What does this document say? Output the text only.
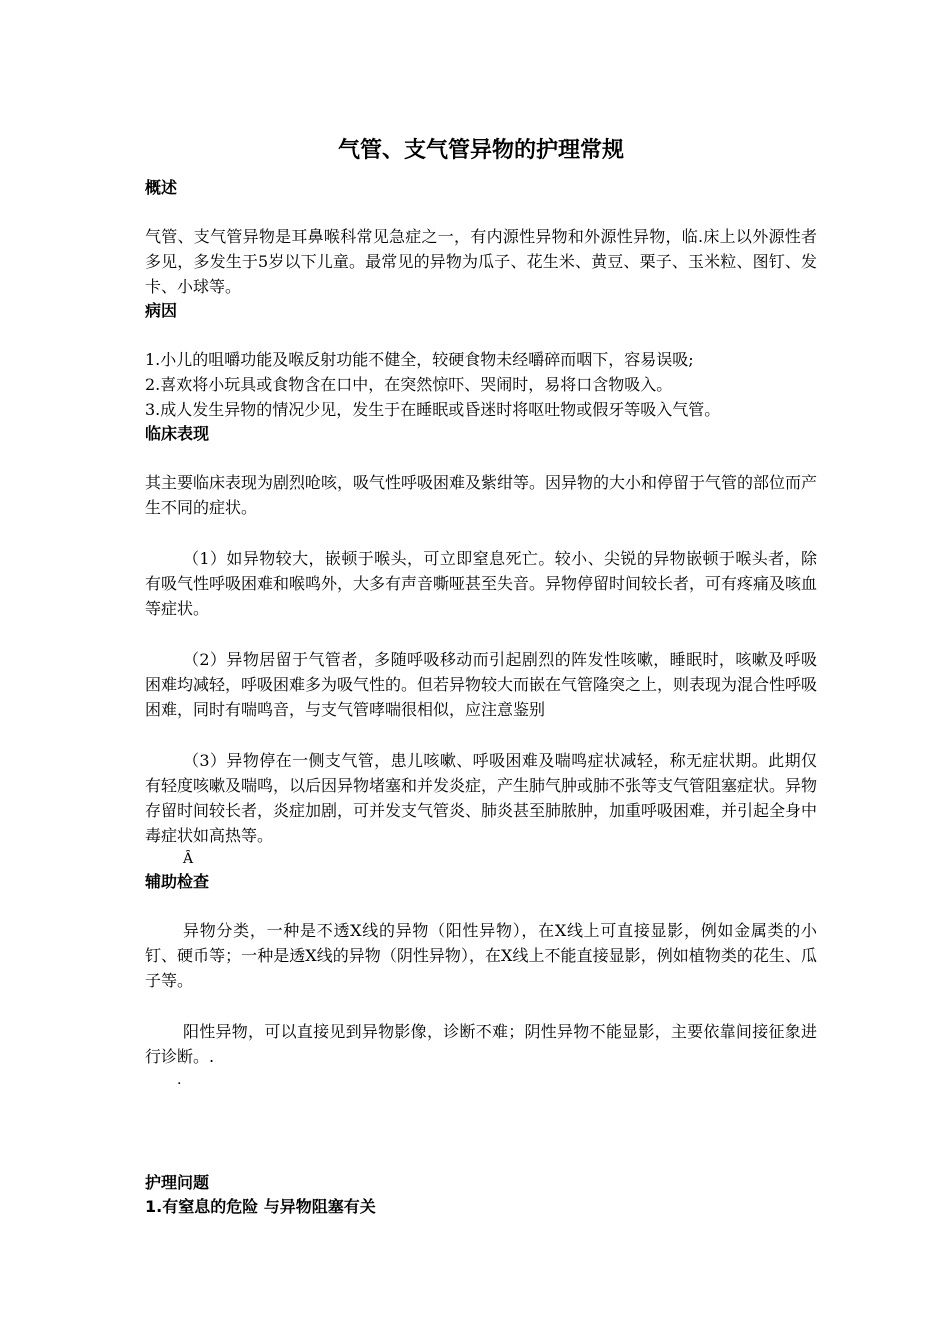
气管、支气管异物的护理常规
概述

气管、支气管异物是耳鼻喉科常见急症之一，有内源性异物和外源性异物，临.床上以外源性者多见，多发生于5岁以下儿童。最常见的异物为瓜子、花生米、黄豆、栗子、玉米粒、图钉、发卡、小球等。

病因

1.小儿的咀嚼功能及喉反射功能不健全，较硬食物未经嚼碎而咽下，容易误吸;

2.喜欢将小玩具或食物含在口中，在突然惊吓、哭闹时，易将口含物吸入。

3.成人发生异物的情况少见，发生于在睡眠或昏迷时将呕吐物或假牙等吸入气管。

临床表现

其主要临床表现为剧烈呛咳，吸气性呼吸困难及紫绀等。因异物的大小和停留于气管的部位而产生不同的症状。

（1）如异物较大，嵌顿于喉头，可立即窒息死亡。较小、尖锐的异物嵌顿于喉头者，除有吸气性呼吸困难和喉鸣外，大多有声音嘶哑甚至失音。异物停留时间较长者，可有疼痛及咳血等症状。

（2）异物居留于气管者，多随呼吸移动而引起剧烈的阵发性咳嗽，睡眠时，咳嗽及呼吸困难均减轻，呼吸困难多为吸气性的。但若异物较大而嵌在气管隆突之上，则表现为混合性呼吸困难，同时有喘鸣音，与支气管哮喘很相似，应注意鉴别

（3）异物停在一侧支气管，患儿咳嗽、呼吸困难及喘鸣症状减轻，称无症状期。此期仅有轻度咳嗽及喘鸣，以后因异物堵塞和并发炎症，产生肺气肿或肺不张等支气管阻塞症状。异物存留时间较长者，炎症加剧，可并发支气管炎、肺炎甚至肺脓肿，加重呼吸困难，并引起全身中毒症状如高热等。

Ȃ

辅助检查

异物分类，一种是不透X线的异物（阳性异物），在X线上可直接显影，例如金属类的小钉、硬币等；一种是透X线的异物（阴性异物），在X线上不能直接显影，例如植物类的花生、瓜子等。

阳性异物，可以直接见到异物影像，诊断不难；阴性异物不能显影，主要依靠间接征象进行诊断。.

.

护理问题
1.有窒息的危险 与异物阻塞有关
